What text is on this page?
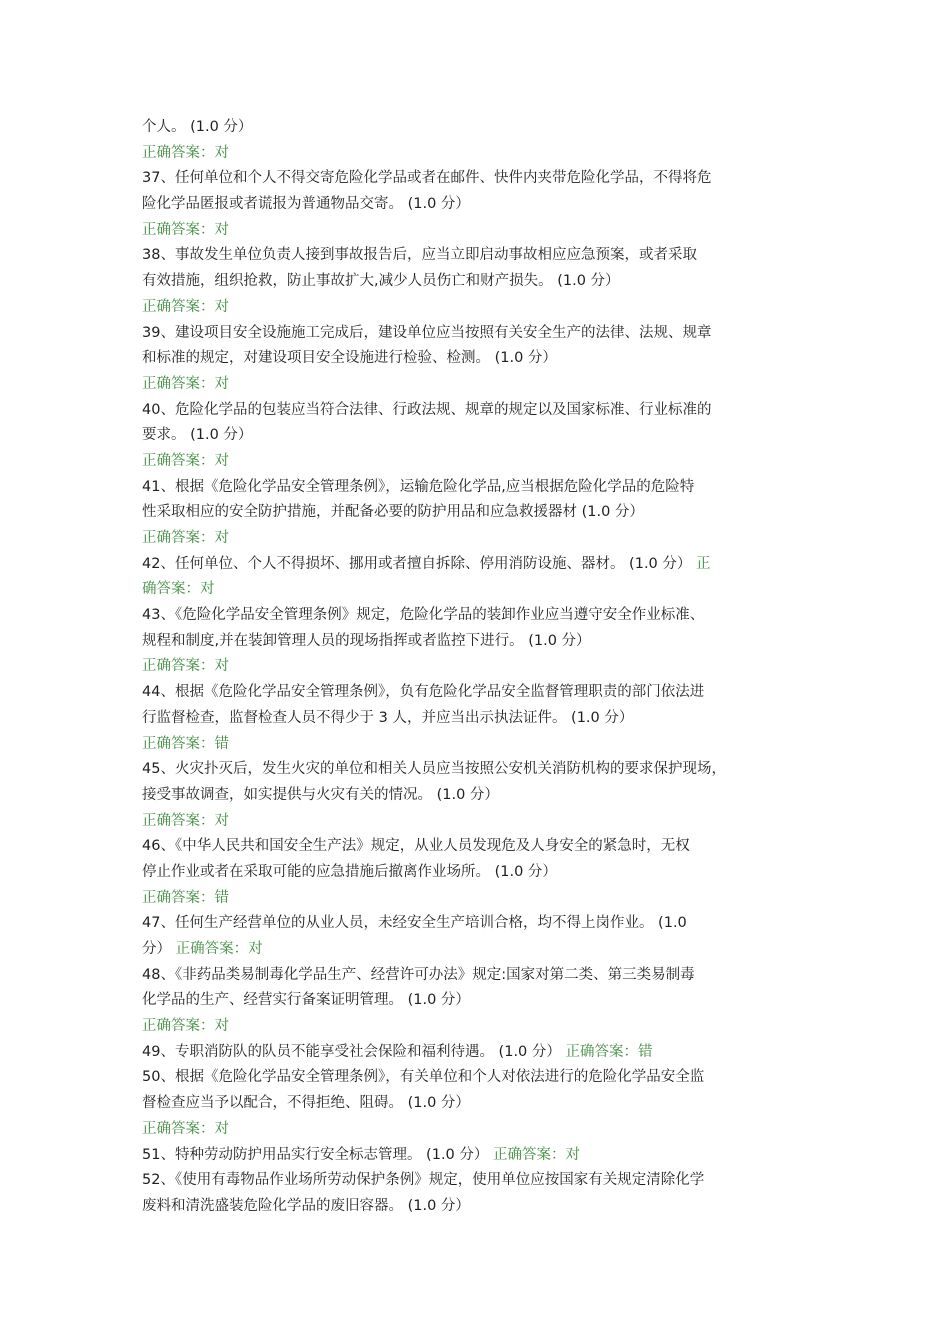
个人。 (1.0 分）
正确答案：对
37、任何单位和个人不得交寄危险化学品或者在邮件、快件内夹带危险化学品，不得将危
险化学品匿报或者谎报为普通物品交寄。 (1.0 分）
正确答案：对
38、事故发生单位负责人接到事故报告后，应当立即启动事故相应应急预案，或者采取
有效措施，组织抢救，防止事故扩大,减少人员伤亡和财产损失。 (1.0 分）
正确答案：对
39、建设项目安全设施施工完成后，建设单位应当按照有关安全生产的法律、法规、规章
和标准的规定，对建设项目安全设施进行检验、检测。 (1.0 分）
正确答案：对
40、危险化学品的包装应当符合法律、行政法规、规章的规定以及国家标准、行业标准的
要求。 (1.0 分）
正确答案：对
41、根据《危险化学品安全管理条例》，运输危险化学品,应当根据危险化学品的危险特
性采取相应的安全防护措施，并配备必要的防护用品和应急救援器材 (1.0 分）
正确答案：对
42、任何单位、个人不得损坏、挪用或者擅自拆除、停用消防设施、器材。 (1.0 分） 正
确答案：对
43、《危险化学品安全管理条例》规定，危险化学品的装卸作业应当遵守安全作业标准、
规程和制度,并在装卸管理人员的现场指挥或者监控下进行。 (1.0 分）
正确答案：对
44、根据《危险化学品安全管理条例》，负有危险化学品安全监督管理职责的部门依法进
行监督检查，监督检查人员不得少于 3 人，并应当出示执法证件。 (1.0 分）
正确答案：错
45、火灾扑灭后，发生火灾的单位和相关人员应当按照公安机关消防机构的要求保护现场，
接受事故调查，如实提供与火灾有关的情况。 (1.0 分）
正确答案：对
46、《中华人民共和国安全生产法》规定，从业人员发现危及人身安全的紧急时，无权
停止作业或者在采取可能的应急措施后撤离作业场所。 (1.0 分）
正确答案：错
47、任何生产经营单位的从业人员，未经安全生产培训合格，均不得上岗作业。 (1.0
分） 正确答案：对
48、《非药品类易制毒化学品生产、经营许可办法》规定:国家对第二类、第三类易制毒
化学品的生产、经营实行备案证明管理。 (1.0 分）
正确答案：对
49、专职消防队的队员不能享受社会保险和福利待遇。 (1.0 分） 正确答案：错
50、根据《危险化学品安全管理条例》，有关单位和个人对依法进行的危险化学品安全监
督检查应当予以配合，不得拒绝、阻碍。 (1.0 分）
正确答案：对
51、特种劳动防护用品实行安全标志管理。 (1.0 分） 正确答案：对
52、《使用有毒物品作业场所劳动保护条例》规定，使用单位应按国家有关规定清除化学
废料和清洗盛装危险化学品的废旧容器。 (1.0 分）
